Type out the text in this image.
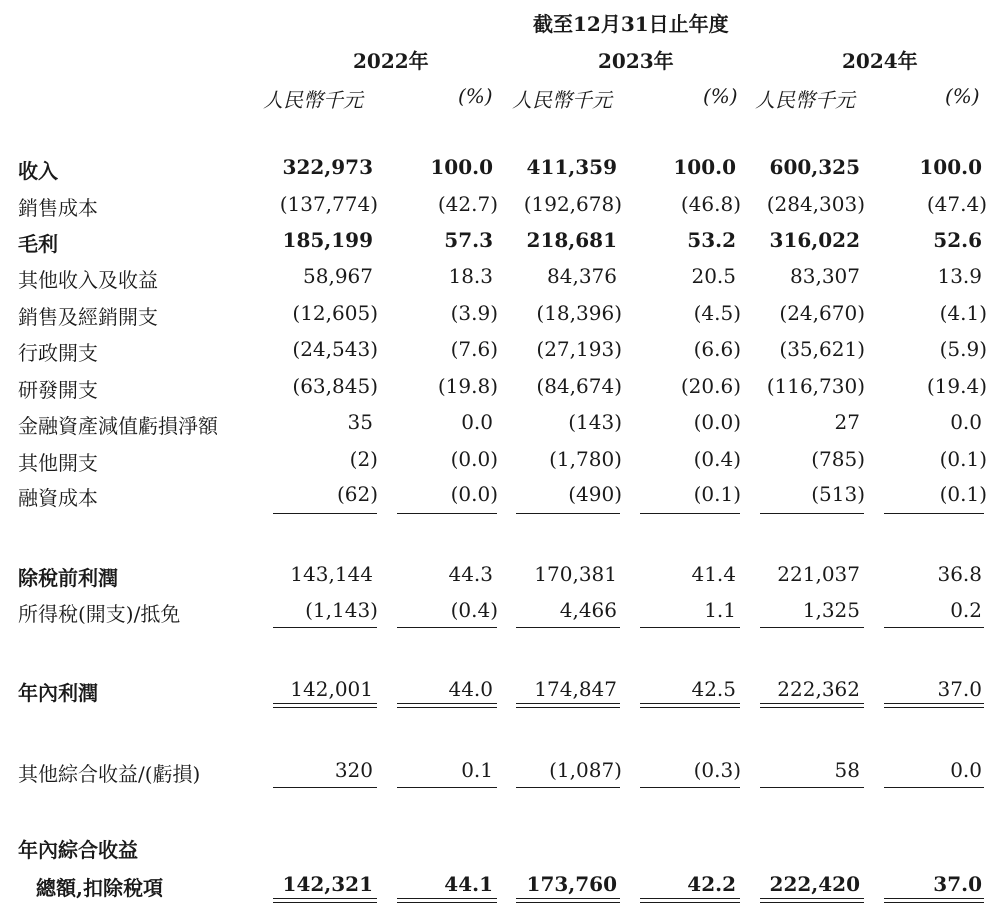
截至12月31日止年度
2022年	2023年	2024年
人民幣千元	(%) 人民幣千元	(%) 人民幣千元	(%)
收入	322,973	100.0 411,359	100.0 600,325	100.0
銷售成本	(137,774)	(42.7) (192,678)	(46.8) (284,303)	(47.4)
毛利	185,199	57.3 218,681	53.2 316,022	52.6
其他收入及收益	58,967	18.3	84,376	20.5	83,307	13.9
銷售及經銷開支	(12,605)	(3.9) (18,396)	(4.5) (24,670)	(4.1)
行政開支	(24,543)	(7.6) (27,193)	(6.6) (35,621)	(5.9)
研發開支	(63,845)	(19.8) (84,674)	(20.6) (116,730)	(19.4)
金融資產減值虧損淨額	35	0.0	(143)	(0.0)	27	0.0
其他開支	(2)	(0.0)	(1,780)	(0.4)	(785)	(0.1)
融資成本	(62)	(0.0)	(490)	(0.1)	(513)	(0.1)
除稅前利潤	143,144	44.3 170,381	41.4 221,037	36.8
所得稅(開支)/抵免	(1,143)	(0.4)	4,466	1.1	1,325	0.2
年內利潤	142,001	44.0 174,847	42.5 222,362	37.0
其他綜合收益/(虧損)	320	0.1	(1,087)	(0.3)	58	0.0
年內綜合收益
總額,扣除稅項	142,321	44.1 173,760	42.2 222,420	37.0
